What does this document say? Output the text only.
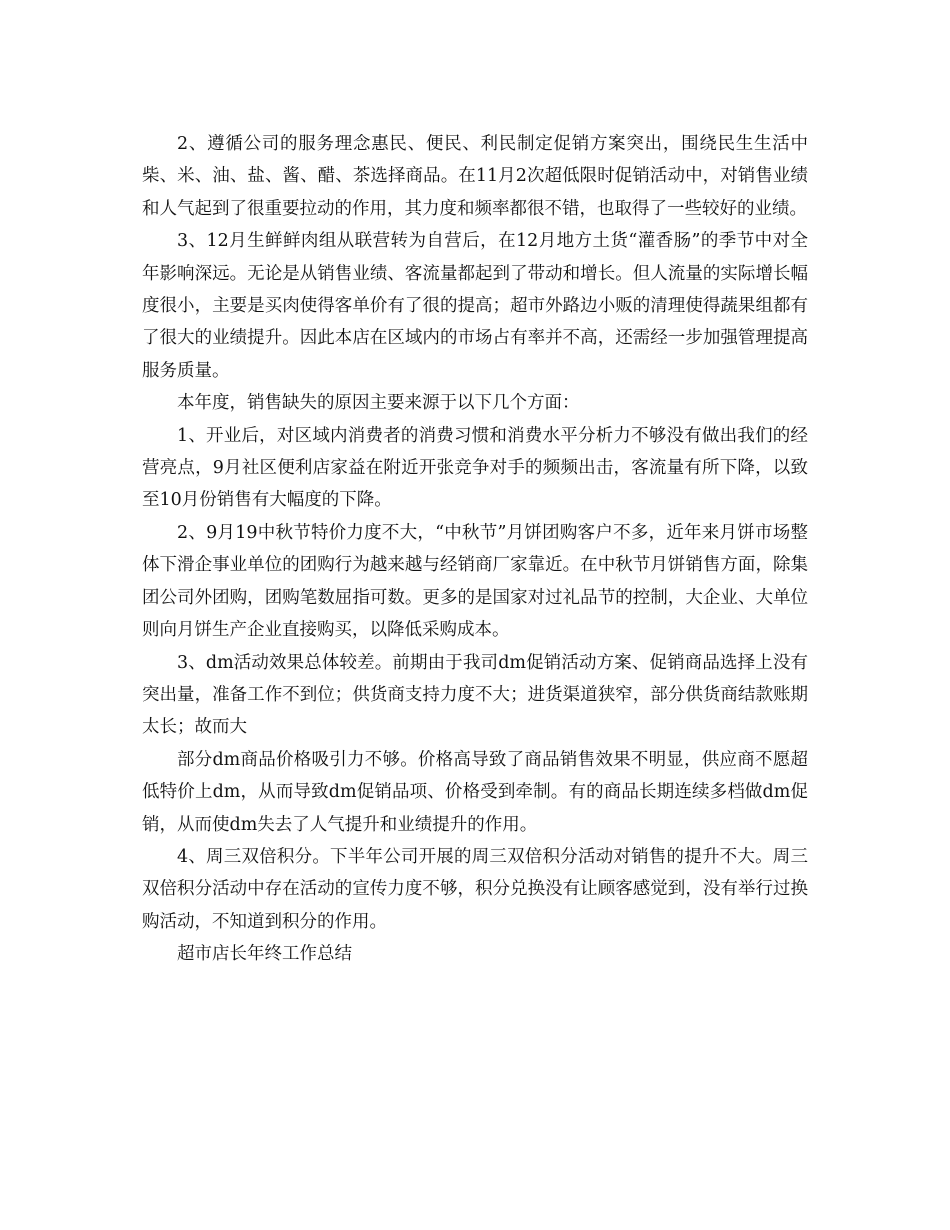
2、遵循公司的服务理念惠民、便民、利民制定促销方案突出，围绕民生生活中柴、米、油、盐、酱、醋、茶选择商品。在11月2次超低限时促销活动中，对销售业绩和人气起到了很重要拉动的作用，其力度和频率都很不错，也取得了一些较好的业绩。

3、12月生鲜鲜肉组从联营转为自营后，在12月地方土货“灌香肠”的季节中对全年影响深远。无论是从销售业绩、客流量都起到了带动和增长。但人流量的实际增长幅度很小，主要是买肉使得客单价有了很的提高；超市外路边小贩的清理使得蔬果组都有了很大的业绩提升。因此本店在区域内的市场占有率并不高，还需经一步加强管理提高服务质量。

本年度，销售缺失的原因主要来源于以下几个方面：

1、开业后，对区域内消费者的消费习惯和消费水平分析力不够没有做出我们的经营亮点，9月社区便利店家益在附近开张竞争对手的频频出击，客流量有所下降，以致至10月份销售有大幅度的下降。

2、9月19中秋节特价力度不大，“中秋节”月饼团购客户不多，近年来月饼市场整体下滑企事业单位的团购行为越来越与经销商厂家靠近。在中秋节月饼销售方面，除集团公司外团购，团购笔数屈指可数。更多的是国家对过礼品节的控制，大企业、大单位则向月饼生产企业直接购买，以降低采购成本。

3、dm活动效果总体较差。前期由于我司dm促销活动方案、促销商品选择上没有突出量，准备工作不到位；供货商支持力度不大；进货渠道狭窄，部分供货商结款账期太长；故而大

部分dm商品价格吸引力不够。价格高导致了商品销售效果不明显，供应商不愿超低特价上dm，从而导致dm促销品项、价格受到牵制。有的商品长期连续多档做dm促销，从而使dm失去了人气提升和业绩提升的作用。

4、周三双倍积分。下半年公司开展的周三双倍积分活动对销售的提升不大。周三双倍积分活动中存在活动的宣传力度不够，积分兑换没有让顾客感觉到，没有举行过换购活动，不知道到积分的作用。

超市店长年终工作总结
